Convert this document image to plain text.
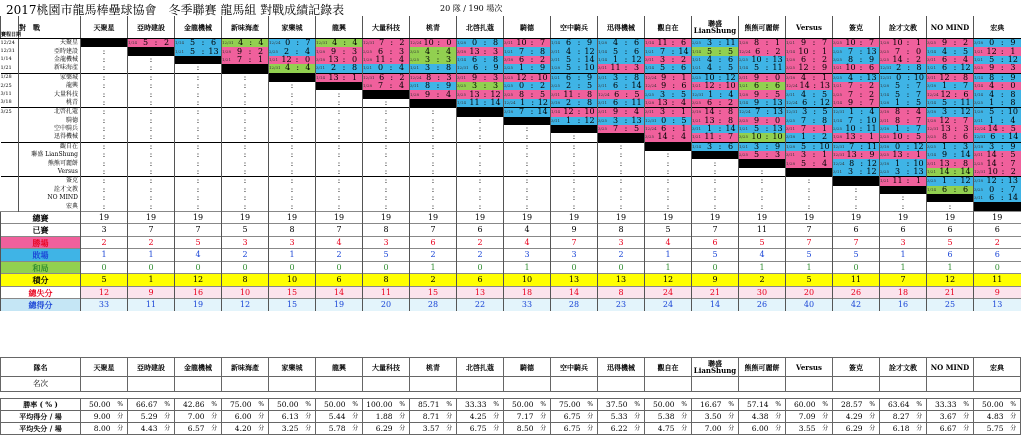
2017桃園市龍馬棒壘球協會　冬季聯賽 龍馬組 對戰成績記錄表	20 隊 / 190 場次
賽程日期	對　戰	天聚星	亞時建設	金龍機械	新味海產	家樂城	龍興	大量科技	桃青	北啓扎蔻	騎德	空中騎兵	迅得機械	觀自在	聯盛 LianShung	熊熊可麗餅	Versus	簽克	詮才文教	NO MIND	宏典
12/24	天聚星		1/14 5 : 2	1/14 5 : 6	12/31 4 : 4	12/24 0 : 7	12/31 4 : 4	12/31 7 : 2	12/24 10 : 0	1/28 0 : 8	3/11 10 : 7	1/14 6 : 9	1/28 4 : 6	1/14 11 : 6	2/25 3 : 11	1/28 8 : 1	1/21 9 : 7	3/25 10 : 7	1/28 10 : 1	3/25 9 : 2	3/18 0 : 9

12/31	亞時建設	:		1/21 5 : 13	1/28 9 : 2	2/25 2 : 4	1/28 9 : 3	2/25 6 : 3	3/25 4 : 4	3/18 13 : 3	1/21 7 : 8	3/11 4 : 12	1/14 5 : 6	1/21 7 : 14	1/14 5 : 5	12/24 6 : 2	1/14 10 : 1	2/25 7 : 13	3/25 7 : 0	1/14 4 : 5	1/21 12 : 1

1/14	金龍機械	:	:		1/21 7 : 1	1/21 12 : 0	3/18 13 : 0	1/28 11 : 4	2/25 3 : 3	1/14 6 : 8	3/18 6 : 2	3/11 5 : 14	1/14 1 : 12	3/11 3 : 2	1/21 4 : 6	2/25 10 : 13	1/28 6 : 2	3/25 8 : 9	2/25 14 : 2	3/11 6 : 4	1/21 5 : 12

1/21	新味海產	:	:	:		12/31 4 : 4	3/11 2 : 8	1/21 0 : 4	1/21 3 : 8	12/31 6 : 9	2/25 1 : 9	1/28 5 : 10	3/11 11 : 3	1/14 5 : 6	1/21 4 : 5	1/14 5 : 11	3/25 12 : 9	1/21 10 : 6	12/31 2 : 8	1/21 6 : 12	3/25 9 : 3

1/28	家樂城	:	:	:	:		1/14 13 : 1	12/31 6 : 2	12/24 8 : 3	3/11 9 : 3	2/25 12 : 10	1/21 6 : 9	3/11 3 : 8	12/24 9 : 1	2/25 10 : 12	3/11 9 : 0	3/18 4 : 1	3/25 4 : 13	12/31 0 : 10	3/11 12 : 8	1/14 8 : 9

2/25	龍興	:	:	:	:	:		1/28 7 : 4	3/11 8 : 9	3/25 3 : 3	2/25 0 : 2	3/25 2 : 5	3/11 6 : 14	12/24 9 : 6	1/21 12 : 10	1/21 6 : 6	12/24 14 : 13	1/21 7 : 2	1/28 5 : 7	3/18 1 : 7	1/14 4 : 0

3/11	大量科技	:	:	:	:	:	:		1/28 9 : 4	3/25 13 : 12	3/25 8 : 5	3/11 11 : 8	12/24 6 : 5	2/25 3 : 5	12/31 1 : 4	1/28 9 : 5	3/11 4 : 5	2/25 7 : 2	1/14 5 : 7	12/24 12 : 6	1/14 4 : 8

3/18	桃青	:	:	:	:	:	:	:		1/14 11 : 14	12/24 1 : 12	3/18 2 : 8	3/11 6 : 11	1/28 13 : 4	3/25 6 : 2	1/14 9 : 13	12/24 6 : 12	1/14 9 : 7	1/28 1 : 5	1/14 5 : 11	3/25 1 : 8

3/25	北啓扎蔻	:	:	:	:	:	:	:	:		3/18 7 : 14	1/14 12 : 10	3/11 9 : 4	3/11 3 : 1	3/18 14 : 8	12/24 7 : 13	12/31 3 : 5	12/31 1 : 4	3/18 8 : 4	3/18 3 : 12	1/28 5 : 10

	騎德	:	:	:	:	:	:	:	:	:		3/11 1 : 12	3/25 3 : 13	12/31 0 : 5	1/21 13 : 8	3/25 9 : 0	3/25 7 : 8	1/14 7 : 10	3/11 8 : 7	1/28 12 : 7	3/11 1 : 4

	空中騎兵	:	:	:	:	:	:	:	:	:	:		3/25 7 : 5	12/24 6 : 1	3/11 1 : 14	1/21 5 : 13	3/11 7 : 1	2/25 10 : 11	3/18 1 : 7	12/31 13 : 3	12/24 14 : 5

	迅得機械	:	:	:	:	:	:	:	:	:	:	:		3/25 14 : 4	1/21 11 : 7	3/25 10 : 10	3/18 1 : 2	1/28 13 : 1	2/25 10 : 5	3/25 8 : 6	12/31 6 : 14

	觀自在	:	:	:	:	:	:	:	:	:	:	:	:		1/14 3 : 6	1/21 3 : 9	1/28 5 : 10	12/31 7 : 11	3/18 0 : 12	3/25 1 : 3	3/18 3 : 9

	聯盛 LianShung	:	:	:	:	:	:	:	:	:	:	:	:	:		2/25 5 : 3	3/11 3 : 1	12/31 13 : 9	3/25 13 : 1	1/14 9 : 14	3/11 14 : 5

	熊熊可麗餅	:	:	:	:	:	:	:	:	:	:	:	:	:	:		1/28 5 : 4	12/24 8 : 12	3/18 1 : 10	3/11 13 : 8	2/25 14 : 7

	Versus	:	:	:	:	:	:	:	:	:	:	:	:	:	:	:		3/11 3 : 12	2/25 3 : 13	1/21 14 : 14	12/31 10 : 2

	簽克	:	:	:	:	:	:	:	:	:	:	:	:	:	:	:	:		1/21 11 : 1	3/25 1 : 12	3/18 12 : 13

	詮才文教	:	:	:	:	:	:	:	:	:	:	:	:	:	:	:	:	:		1/14 6 : 6	3/25 0 : 7

	NO MIND	:	:	:	:	:	:	:	:	:	:	:	:	:	:	:	:	:	:		3/11 6 : 14

	宏典	:	:	:	:	:	:	:	:	:	:	:	:	:	:	:	:	:	:	:	
總賽		19	19	19	19	19	19	19	19	19	19	19	19	19	19	19	19	19	19	19	19
已賽		3	7	7	5	8	7	8	7	6	4	9	8	5	7	11	7	6	6	6	6
勝場		2	2	5	3	3	4	3	6	2	4	7	3	4	6	5	7	7	3	5	2
敗場		1	1	4	2	1	2	5	2	2	3	3	2	1	5	4	5	5	1	6	6
和局		0	0	0	0	0	0	0	1	0	1	0	0	1	0	1	1	0	1	1	0
積分		5	1	12	8	10	6	8	2	6	10	13	13	12	9	2	5	11	7	12	11
總失分		12	9	16	10	15	14	11	15	13	18	14	8	24	21	30	20	26	18	21	9
總得分		33	11	19	12	15	19	20	28	22	33	28	23	24	14	26	40	42	16	25	13
隊名	天聚星		亞時建設		金龍機械		新味海產		家樂城		龍興		大量科技		桃青		北啓扎蔻		騎德		空中騎兵		迅得機械		觀自在		聯盛 LianShung		熊熊可麗餅		Versus		簽克		詮才文教		NO MIND		宏典	
名次																																								

勝率 ( % )	50.00	%	66.67	%	42.86	%	75.00	%	50.00	%	50.00	%	100.00	%	85.71	%	33.33	%	50.00	%	75.00	%	37.50	%	50.00	%	16.67	%	57.14	%	60.00	%	28.57	%	63.64	%	33.33	%	50.00	%
平均得分 / 場	9.00	分	5.29	分	7.00	分	6.00	分	6.13	分	5.44	分	1.88	分	8.71	分	4.25	分	7.17	分	6.75	分	5.33	分	5.38	分	3.50	分	4.38	分	7.09	分	4.29	分	8.27	分	3.67	分	4.83	分
平均失分 / 場	8.00	分	4.43	分	6.57	分	4.20	分	3.25	分	5.78	分	6.29	分	3.57	分	6.75	分	8.50	分	6.75	分	6.22	分	4.75	分	7.00	分	6.00	分	3.55	分	6.29	分	6.18	分	6.67	分	5.75	分
